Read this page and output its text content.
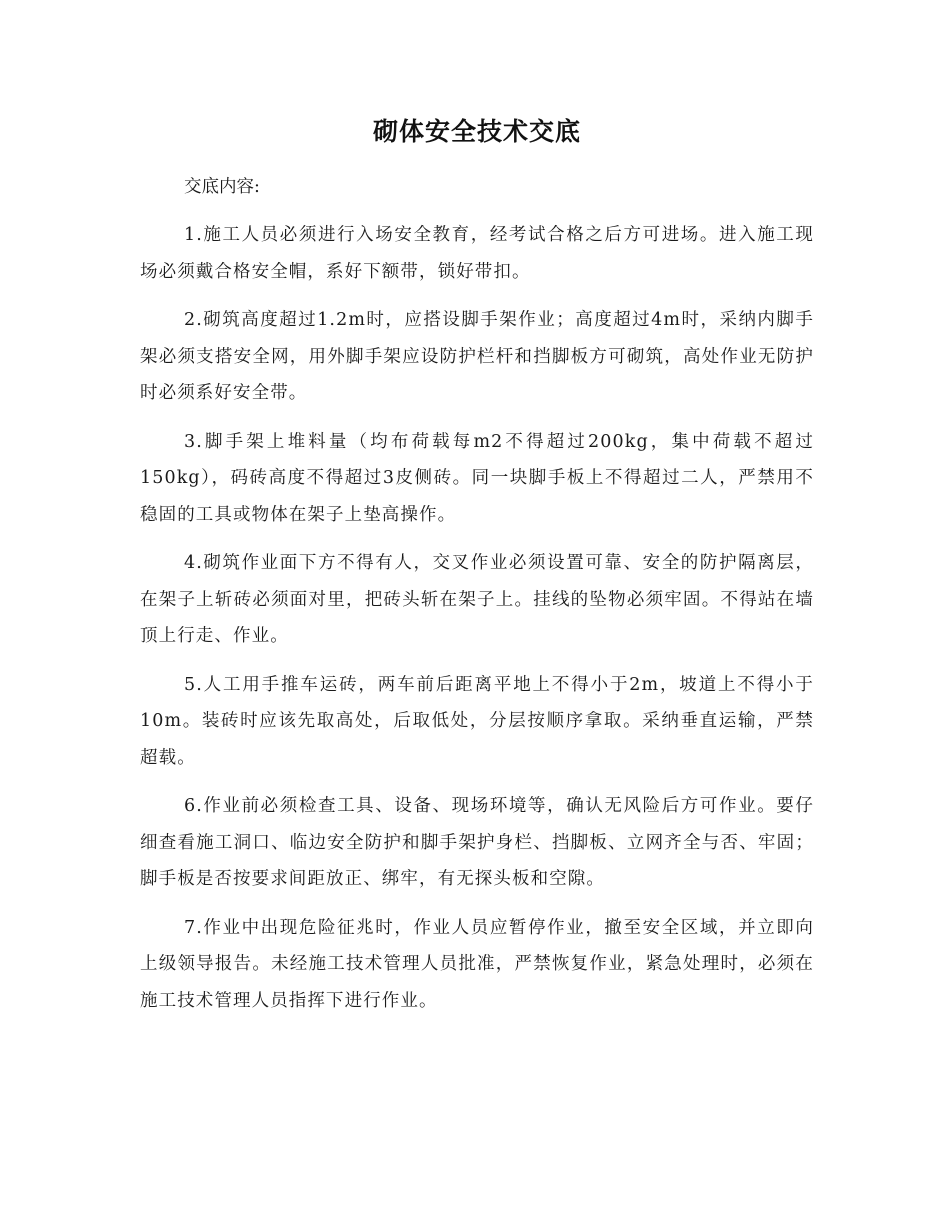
砌体安全技术交底

交底内容:

1.施工人员必须进行入场安全教育，经考试合格之后方可进场。进入施工现场必须戴合格安全帽，系好下额带，锁好带扣。

2.砌筑高度超过1.2m时，应搭设脚手架作业；高度超过4m时，采纳内脚手架必须支搭安全网，用外脚手架应设防护栏杆和挡脚板方可砌筑，高处作业无防护时必须系好安全带。

3.脚手架上堆料量（均布荷载每m2不得超过200kg，集中荷载不超过150kg），码砖高度不得超过3皮侧砖。同一块脚手板上不得超过二人，严禁用不稳固的工具或物体在架子上垫高操作。

4.砌筑作业面下方不得有人，交叉作业必须设置可靠、安全的防护隔离层，在架子上斩砖必须面对里，把砖头斩在架子上。挂线的坠物必须牢固。不得站在墙顶上行走、作业。

5.人工用手推车运砖，两车前后距离平地上不得小于2m，坡道上不得小于10m。装砖时应该先取高处，后取低处，分层按顺序拿取。采纳垂直运输，严禁超载。

6.作业前必须检查工具、设备、现场环境等，确认无风险后方可作业。要仔细查看施工洞口、临边安全防护和脚手架护身栏、挡脚板、立网齐全与否、牢固；脚手板是否按要求间距放正、绑牢，有无探头板和空隙。

7.作业中出现危险征兆时，作业人员应暂停作业，撤至安全区域，并立即向上级领导报告。未经施工技术管理人员批准，严禁恢复作业，紧急处理时，必须在施工技术管理人员指挥下进行作业。
